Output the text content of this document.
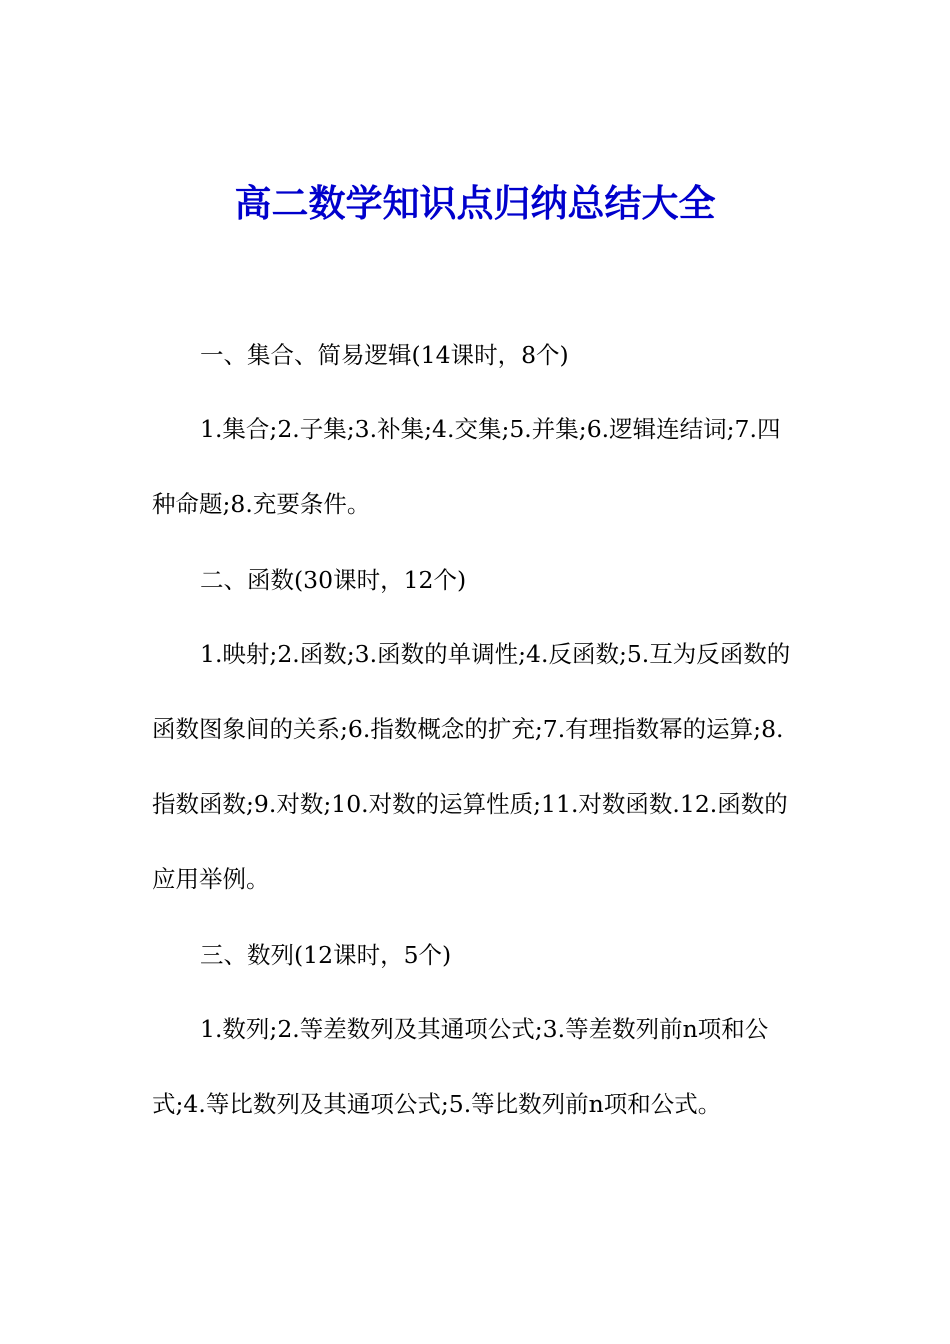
高二数学知识点归纳总结大全

一、集合、简易逻辑(14课时，8个)

1.集合;2.子集;3.补集;4.交集;5.并集;6.逻辑连结词;7.四种命题;8.充要条件。

二、函数(30课时，12个)

1.映射;2.函数;3.函数的单调性;4.反函数;5.互为反函数的函数图象间的关系;6.指数概念的扩充;7.有理指数幂的运算;8.指数函数;9.对数;10.对数的运算性质;11.对数函数.12.函数的应用举例。

三、数列(12课时，5个)

1.数列;2.等差数列及其通项公式;3.等差数列前n项和公式;4.等比数列及其通项公式;5.等比数列前n项和公式。
